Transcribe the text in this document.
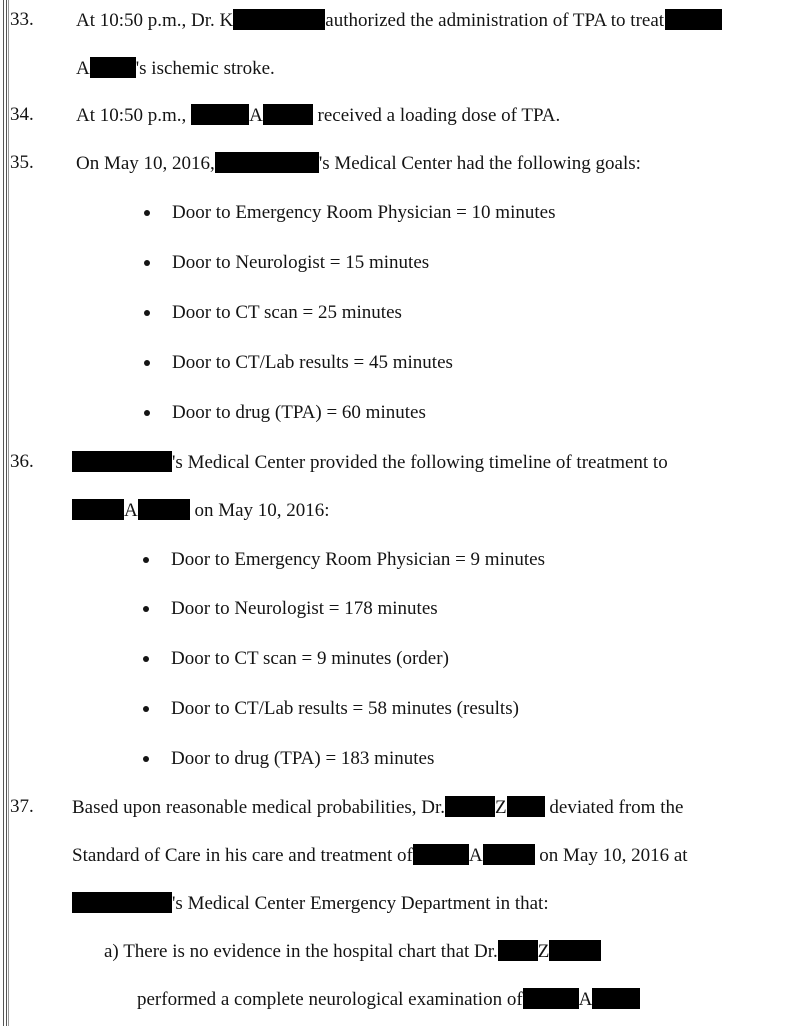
33. At 10:50 p.m., Dr. K	authorized the administration of TPA to treat
A 's ischemic stroke.
34. At 10:50 p.m.,	A	received a loading dose of TPA.
35. On May 10, 2016,	's Medical Center had the following goals:
Door to Emergency Room Physician = 10 minutes
Door to Neurologist = 15 minutes
Door to CT scan = 25 minutes
Door to CT/Lab results = 45 minutes
Door to drug (TPA) = 60 minutes
36.	's Medical Center provided the following timeline of treatment to
A	on May 10, 2016:
Door to Emergency Room Physician = 9 minutes
Door to Neurologist = 178 minutes
Door to CT scan = 9 minutes (order)
Door to CT/Lab results = 58 minutes (results)
Door to drug (TPA) = 183 minutes
37. Based upon reasonable medical probabilities, Dr.	Z deviated from the
Standard of Care in his care and treatment of	A	on May 10, 2016 at
's Medical Center Emergency Department in that:
a) There is no evidence in the hospital chart that Dr. Z
performed a complete neurological examination of	A
